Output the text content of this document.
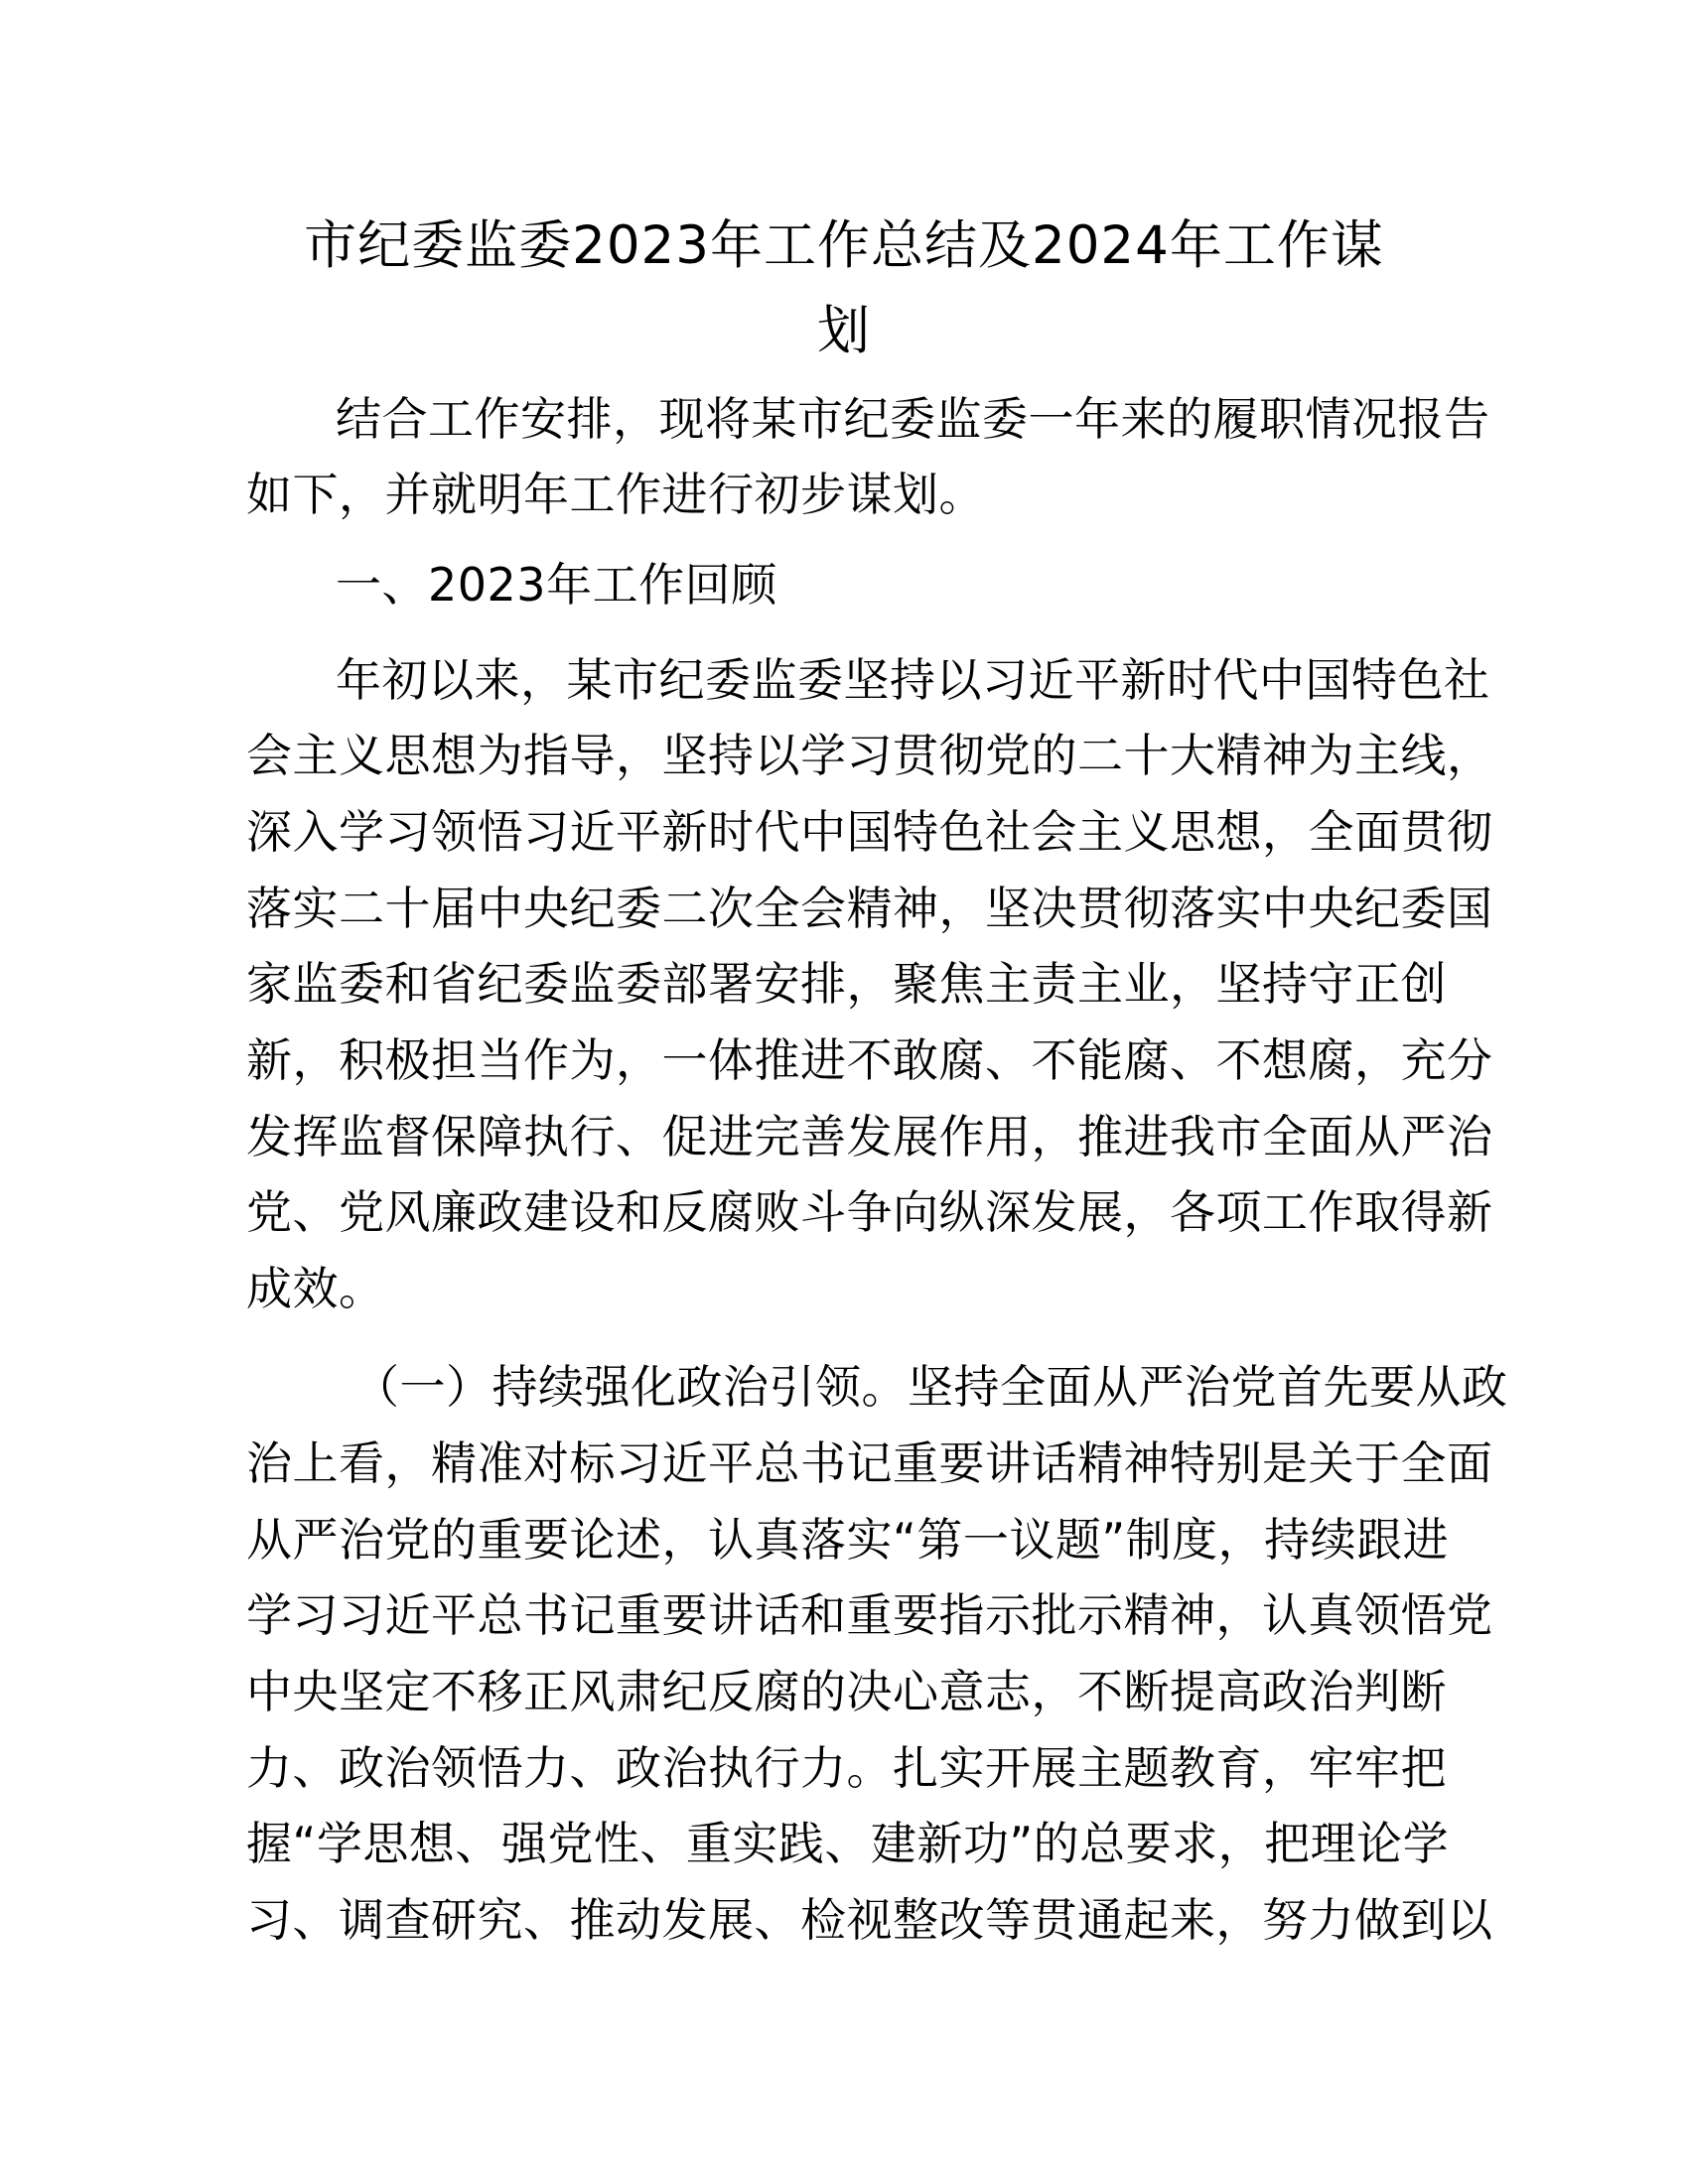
市纪委监委2023年工作总结及2024年工作谋
划

结合工作安排，现将某市纪委监委一年来的履职情况报告

如下，并就明年工作进行初步谋划。

一、2023年工作回顾

年初以来，某市纪委监委坚持以习近平新时代中国特色社

会主义思想为指导，坚持以学习贯彻党的二十大精神为主线，

深入学习领悟习近平新时代中国特色社会主义思想，全面贯彻

落实二十届中央纪委二次全会精神，坚决贯彻落实中央纪委国

家监委和省纪委监委部署安排，聚焦主责主业，坚持守正创

新，积极担当作为，一体推进不敢腐、不能腐、不想腐，充分

发挥监督保障执行、促进完善发展作用，推进我市全面从严治

党、党风廉政建设和反腐败斗争向纵深发展，各项工作取得新

成效。

（一）持续强化政治引领。坚持全面从严治党首先要从政

治上看，精准对标习近平总书记重要讲话精神特别是关于全面

从严治党的重要论述，认真落实“第一议题”制度，持续跟进

学习习近平总书记重要讲话和重要指示批示精神，认真领悟党

中央坚定不移正风肃纪反腐的决心意志，不断提高政治判断

力、政治领悟力、政治执行力。扎实开展主题教育，牢牢把

握“学思想、强党性、重实践、建新功”的总要求，把理论学

习、调查研究、推动发展、检视整改等贯通起来，努力做到以
